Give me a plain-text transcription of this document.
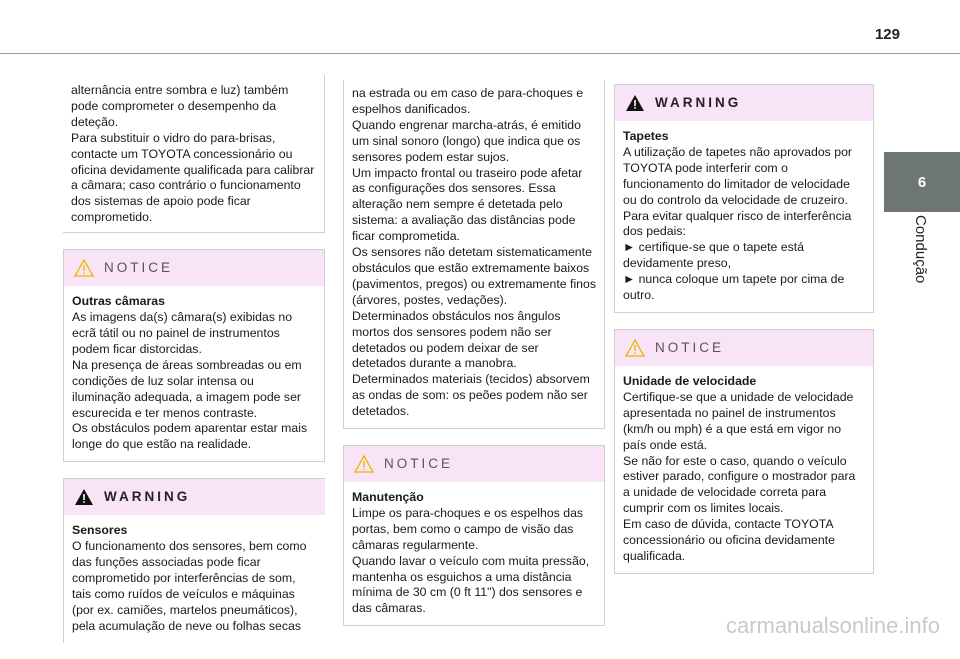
129
6
Condução

alternância entre sombra e luz) também pode comprometer o desempenho da deteção.
Para substituir o vidro do para-brisas, contacte um TOYOTA concessionário ou oficina devidamente qualificada para calibrar a câmara; caso contrário o funcionamento dos sistemas de apoio pode ficar comprometido.

NOTICE

Outras câmaras

As imagens da(s) câmara(s) exibidas no ecrã tátil ou no painel de instrumentos podem ficar distorcidas.
Na presença de áreas sombreadas ou em condições de luz solar intensa ou iluminação adequada, a imagem pode ser escurecida e ter menos contraste.
Os obstáculos podem aparentar estar mais longe do que estão na realidade.

WARNING

Sensores

O funcionamento dos sensores, bem como das funções associadas pode ficar comprometido por interferências de som, tais como ruídos de veículos e máquinas (por ex. camiões, martelos pneumáticos), pela acumulação de neve ou folhas secas

na estrada ou em caso de para-choques e espelhos danificados.
Quando engrenar marcha-atrás, é emitido um sinal sonoro (longo) que indica que os sensores podem estar sujos.
Um impacto frontal ou traseiro pode afetar as configurações dos sensores. Essa alteração nem sempre é detetada pelo sistema: a avaliação das distâncias pode ficar comprometida.
Os sensores não detetam sistematicamente obstáculos que estão extremamente baixos (pavimentos, pregos) ou extremamente finos (árvores, postes, vedações).
Determinados obstáculos nos ângulos mortos dos sensores podem não ser detetados ou podem deixar de ser detetados durante a manobra.
Determinados materiais (tecidos) absorvem as ondas de som: os peões podem não ser detetados.

NOTICE

Manutenção

Limpe os para-choques e os espelhos das portas, bem como o campo de visão das câmaras regularmente.
Quando lavar o veículo com muita pressão, mantenha os esguichos a uma distância mínima de 30 cm (0 ft 11") dos sensores e das câmaras.

WARNING

Tapetes

A utilização de tapetes não aprovados por TOYOTA pode interferir com o funcionamento do limitador de velocidade ou do controlo da velocidade de cruzeiro.
Para evitar qualquer risco de interferência dos pedais:
► certifique-se que o tapete está devidamente preso,
► nunca coloque um tapete por cima de outro.

NOTICE

Unidade de velocidade

Certifique-se que a unidade de velocidade apresentada no painel de instrumentos (km/h ou mph) é a que está em vigor no país onde está.
Se não for este o caso, quando o veículo estiver parado, configure o mostrador para a unidade de velocidade correta para cumprir com os limites locais.
Em caso de dúvida, contacte TOYOTA concessionário ou oficina devidamente qualificada.

carmanualsonline.info
